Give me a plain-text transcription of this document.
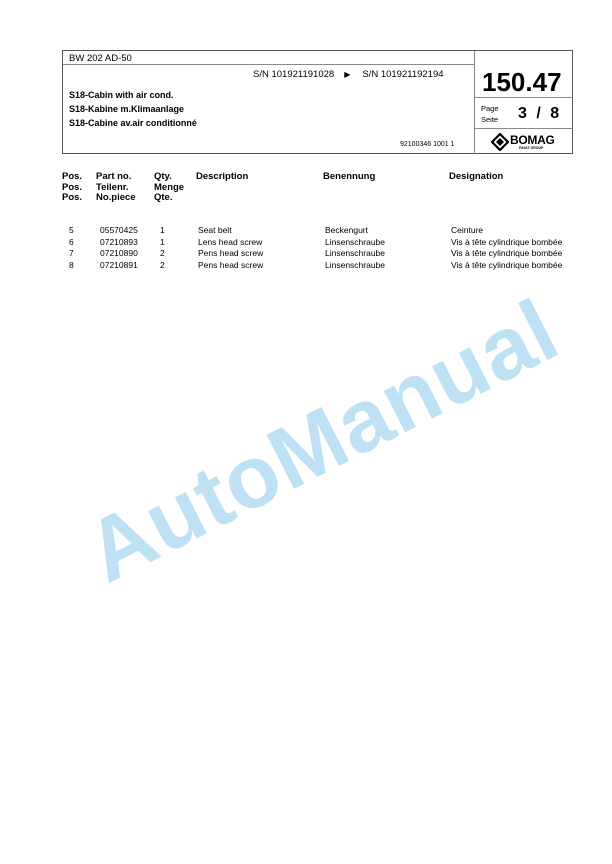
BW 202 AD-50
S/N 101921191028 ▶ S/N 101921192194
S18-Cabin with air cond.
S18-Kabine m.Klimaanlage
S18-Cabine av.air conditionné
92100346 1001 1
150.47
Page
Seite 3 / 8
BOMAG
FAYAT GROUP
Pos.
Pos.
Pos.
Part no.
Teilenr.
No.piece
Qty.
Menge
Qte.
Description	Benennung	Designation
5	05570425	1	Seat belt	Beckengurt	Ceinture
6	07210893	1	Lens head screw	Linsenschraube	Vis à tête cylindrique bombée
7	07210890	2	Pens head screw	Linsenschraube	Vis à tête cylindrique bombée
8	07210891	2	Pens head screw	Linsenschraube	Vis à tête cylindrique bombée
AutoManual
